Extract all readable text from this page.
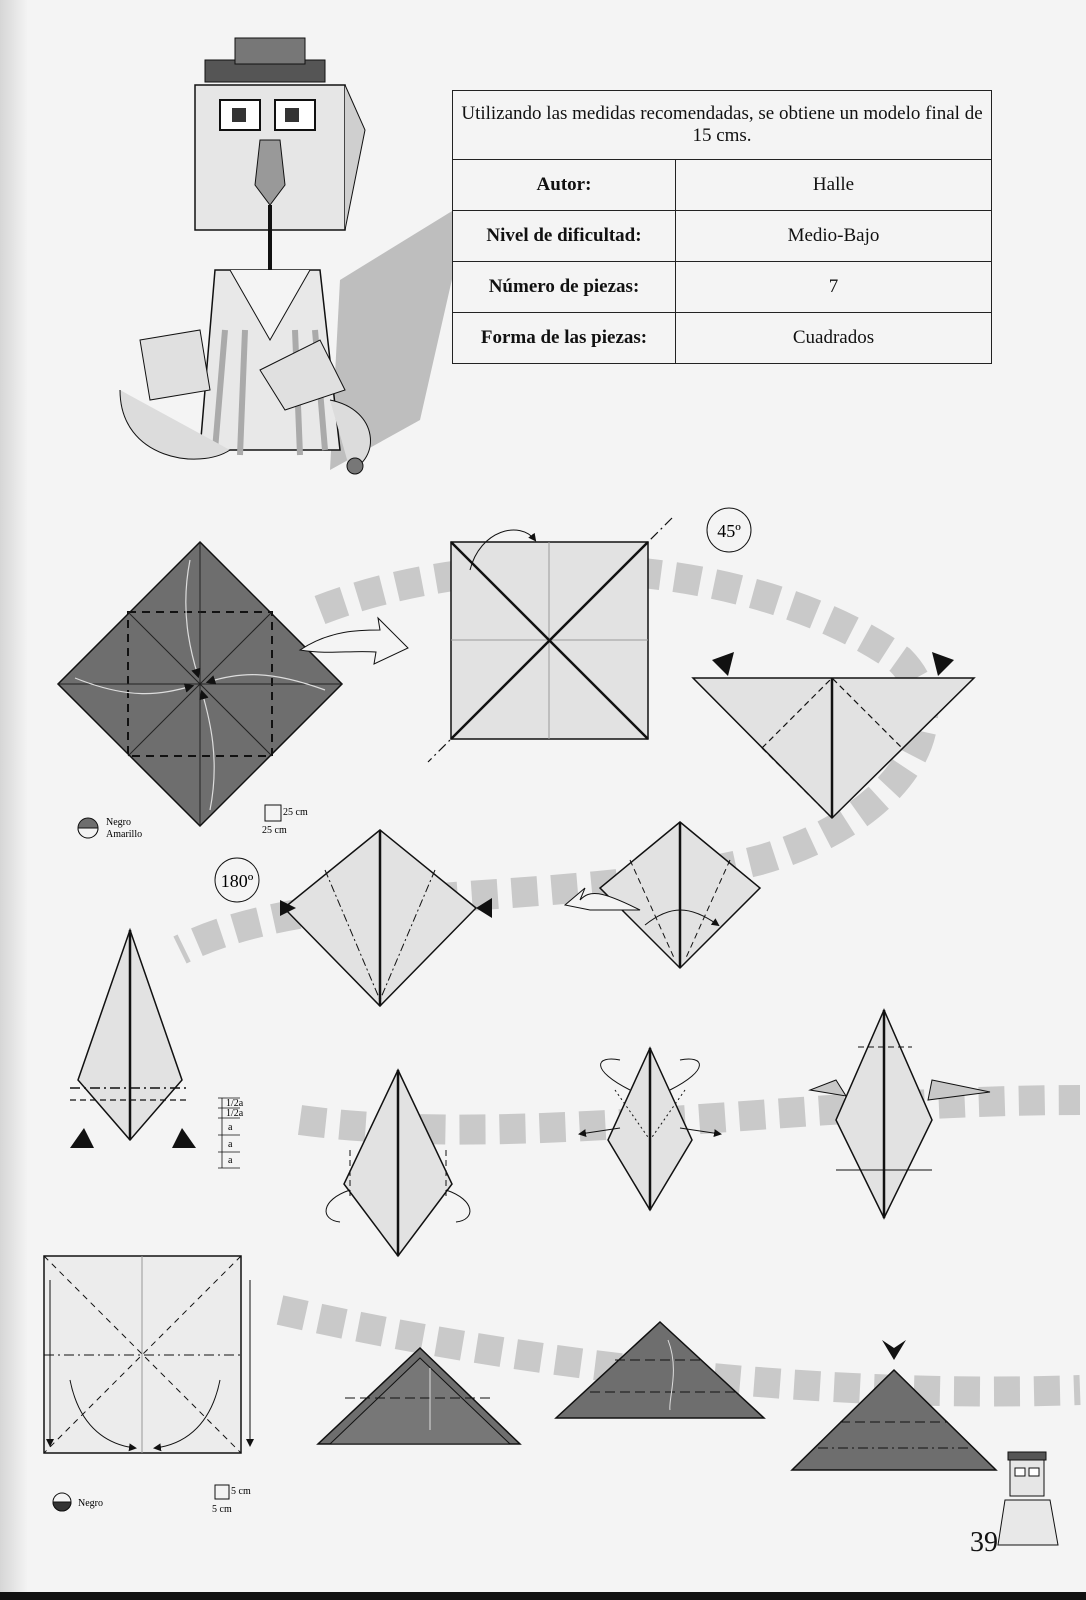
Utilizando las medidas recomendadas, se obtiene un modelo final de 15 cms.	
Autor:	Halle
Nivel de dificultad:	Medio-Bajo
Número de piezas:	7
Forma de las piezas:	Cuadrados
45º
180º
1/2a
1/2a
a
a
a
Negro
Amarillo
25 cm
25 cm
Negro
5 cm
5 cm
39
